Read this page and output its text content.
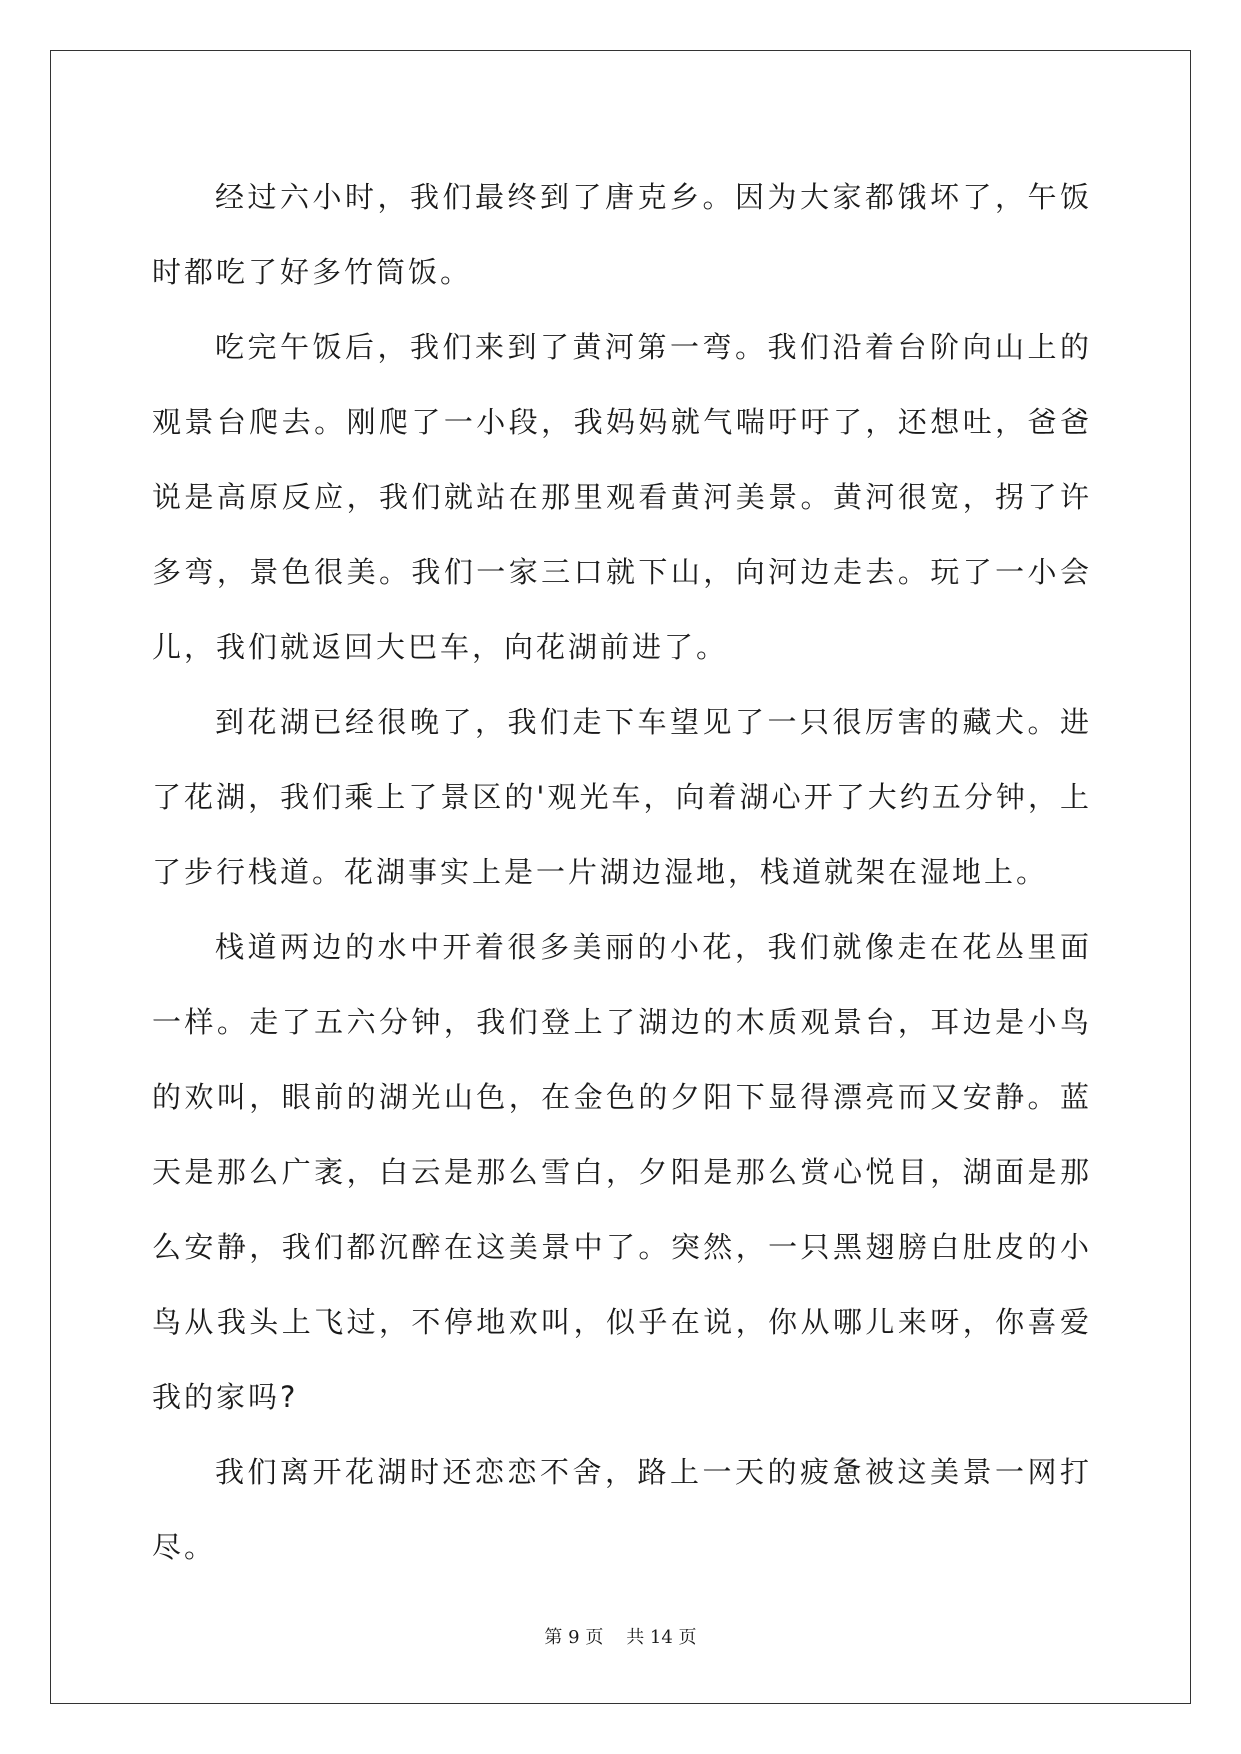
经过六小时，我们最终到了唐克乡。因为大家都饿坏了，午饭时都吃了好多竹筒饭。

吃完午饭后，我们来到了黄河第一弯。我们沿着台阶向山上的观景台爬去。刚爬了一小段，我妈妈就气喘吁吁了，还想吐，爸爸说是高原反应，我们就站在那里观看黄河美景。黄河很宽，拐了许多弯，景色很美。我们一家三口就下山，向河边走去。玩了一小会儿，我们就返回大巴车，向花湖前进了。

到花湖已经很晚了，我们走下车望见了一只很厉害的藏犬。进了花湖，我们乘上了景区的'观光车，向着湖心开了大约五分钟，上了步行栈道。花湖事实上是一片湖边湿地，栈道就架在湿地上。

栈道两边的水中开着很多美丽的小花，我们就像走在花丛里面一样。走了五六分钟，我们登上了湖边的木质观景台，耳边是小鸟的欢叫，眼前的湖光山色，在金色的夕阳下显得漂亮而又安静。蓝天是那么广袤，白云是那么雪白，夕阳是那么赏心悦目，湖面是那么安静，我们都沉醉在这美景中了。突然，一只黑翅膀白肚皮的小鸟从我头上飞过，不停地欢叫，似乎在说，你从哪儿来呀，你喜爱我的家吗?

我们离开花湖时还恋恋不舍，路上一天的疲惫被这美景一网打尽。

第 9 页    共 14 页
